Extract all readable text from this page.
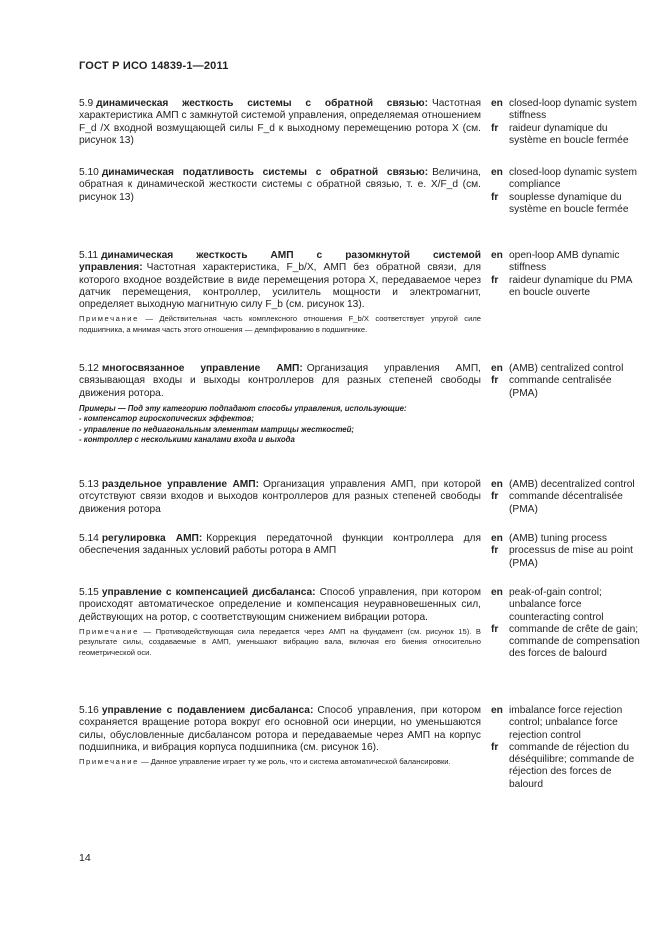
ГОСТ Р ИСО 14839-1—2011

5.9 динамическая жесткость системы с обратной связью: Частотная характеристика АМП с замкнутой системой управления, определяемая отношением F_d /X входной возмущающей силы F_d к выходному перемещению ротора X (см. рисунок 13)

en closed-loop dynamic system stiffness
fr	raideur dynamique du système en boucle fermée

5.10 динамическая податливость системы с обратной связью: Величина, обратная к динамической жесткости системы с обратной связью, т. е. X/F_d (см. рисунок 13)

en closed-loop dynamic system compliance
fr	souplesse dynamique du système en boucle fermée

5.11 динамическая жесткость АМП с разомкнутой системой управления: Частотная характеристика, F_b/X, АМП без обратной связи, для которого входное воздействие в виде перемещения ротора X, передаваемое через датчик перемещения, контроллер, усилитель мощности и электромагнит, определяет выходную магнитную силу F_b (см. рисунок 13).

Примечание — Действительная часть комплексного отношения F_b/X соответствует упругой силе подшипника, а мнимая часть этого отношения — демпфированию в подшипнике.
en open-loop AMB dynamic stiffness
fr	raideur dynamique du PMA en boucle ouverte

5.12 многосвязанное управление АМП: Организация управления АМП, связывающая входы и выходы контроллеров для разных степеней свободы движения ротора.

Примеры — Под эту категорию подпадают способы управления, использующие:
- компенсатор гироскопических эффектов;
- управление по недиагональным элементам матрицы жесткостей;
- контроллер с несколькими каналами входа и выхода
en (AMB) centralized control
fr	commande centralisée (PMA)

5.13 раздельное управление АМП: Организация управления АМП, при которой отсутствуют связи входов и выходов контроллеров для разных степеней свободы движения ротора

en (AMB) decentralized control
fr	commande décentralisée (PMA)

5.14 регулировка АМП: Коррекция передаточной функции контроллера для обеспечения заданных условий работы ротора в АМП

en (AMB) tuning process
fr	processus de mise au point (PMA)

5.15 управление с компенсацией дисбаланса: Способ управления, при котором происходят автоматическое определение и компенсация неуравновешенных сил, действующих на ротор, с соответствующим снижением вибрации ротора.

Примечание — Противодействующая сила передается через АМП на фундамент (см. рисунок 15). В результате силы, создаваемые в АМП, уменьшают вибрацию вала, включая его биения относительно геометрической оси.
en peak-of-gain control; unbalance force counteracting control
fr	commande de crête de gain; commande de compensation des forces de balourd

5.16 управление с подавлением дисбаланса: Способ управления, при котором сохраняется вращение ротора вокруг его основной оси инерции, но уменьшаются силы, обусловленные дисбалансом ротора и передаваемые через АМП на корпус подшипника, и вибрация корпуса подшипника (см. рисунок 16).

Примечание — Данное управление играет ту же роль, что и система автоматической балансировки.
en imbalance force rejection control; unbalance force rejection control
fr	commande de réjection du déséquilibre; commande de réjection des forces de balourd
14
